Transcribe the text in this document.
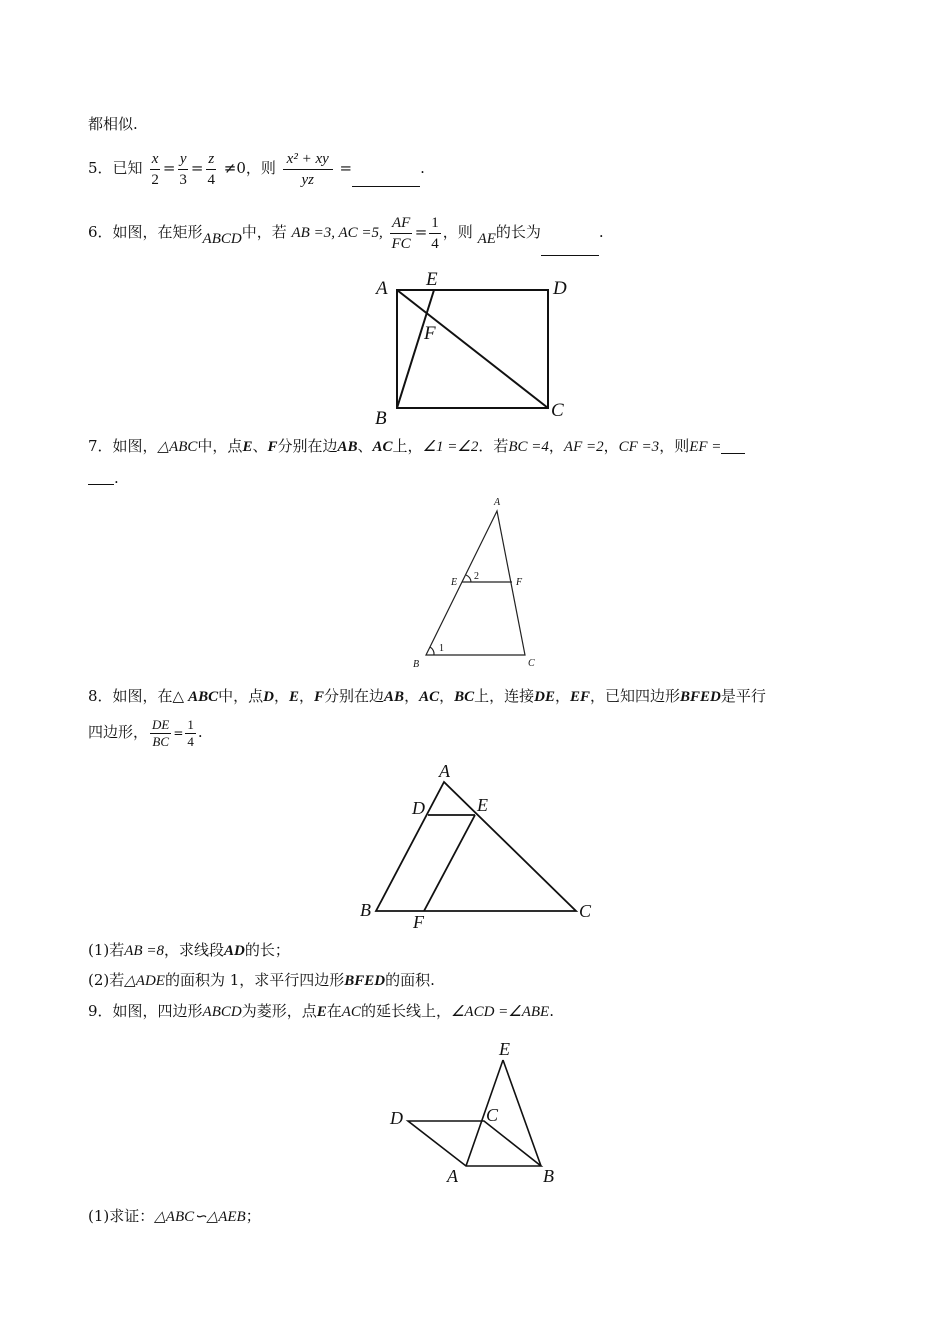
都相似.
5．已知 $\frac{x}{2} = \frac{y}{3} = \frac{z}{4} \ne 0$，则 $\frac{\text{x² + xy}}{yz}$ =	.
6．如图，在矩形ABCD中，若 AB =3, AC =5, $\frac{AF}{FC} = \frac{1}{4}$ ，则 AE的长为	.
A E	D
F
B	C
7．如图，△ABC中，点E、F分别在边AB、AC上，∠1 =∠2．若BC =4，AF =2，CF =3，则EF =
.
A
E
2
F
1
B	C
8．如图，在△ ABC中，点D，E，F分别在边AB，AC，BC上，连接DE，EF，已知四边形BFED是平行
四边形， $\frac{DE}{BC} = \frac{1}{4}$ .
A
D	E
B
F
C
(1)若AB =8，求线段AD的长；
(2)若△ADE的面积为 1，求平行四边形BFED的面积.
9．如图，四边形ABCD为菱形，点E在AC的延长线上，∠ACD =∠ABE.
E
D	C
A	B
(1)求证：△ABC∽△AEB；
